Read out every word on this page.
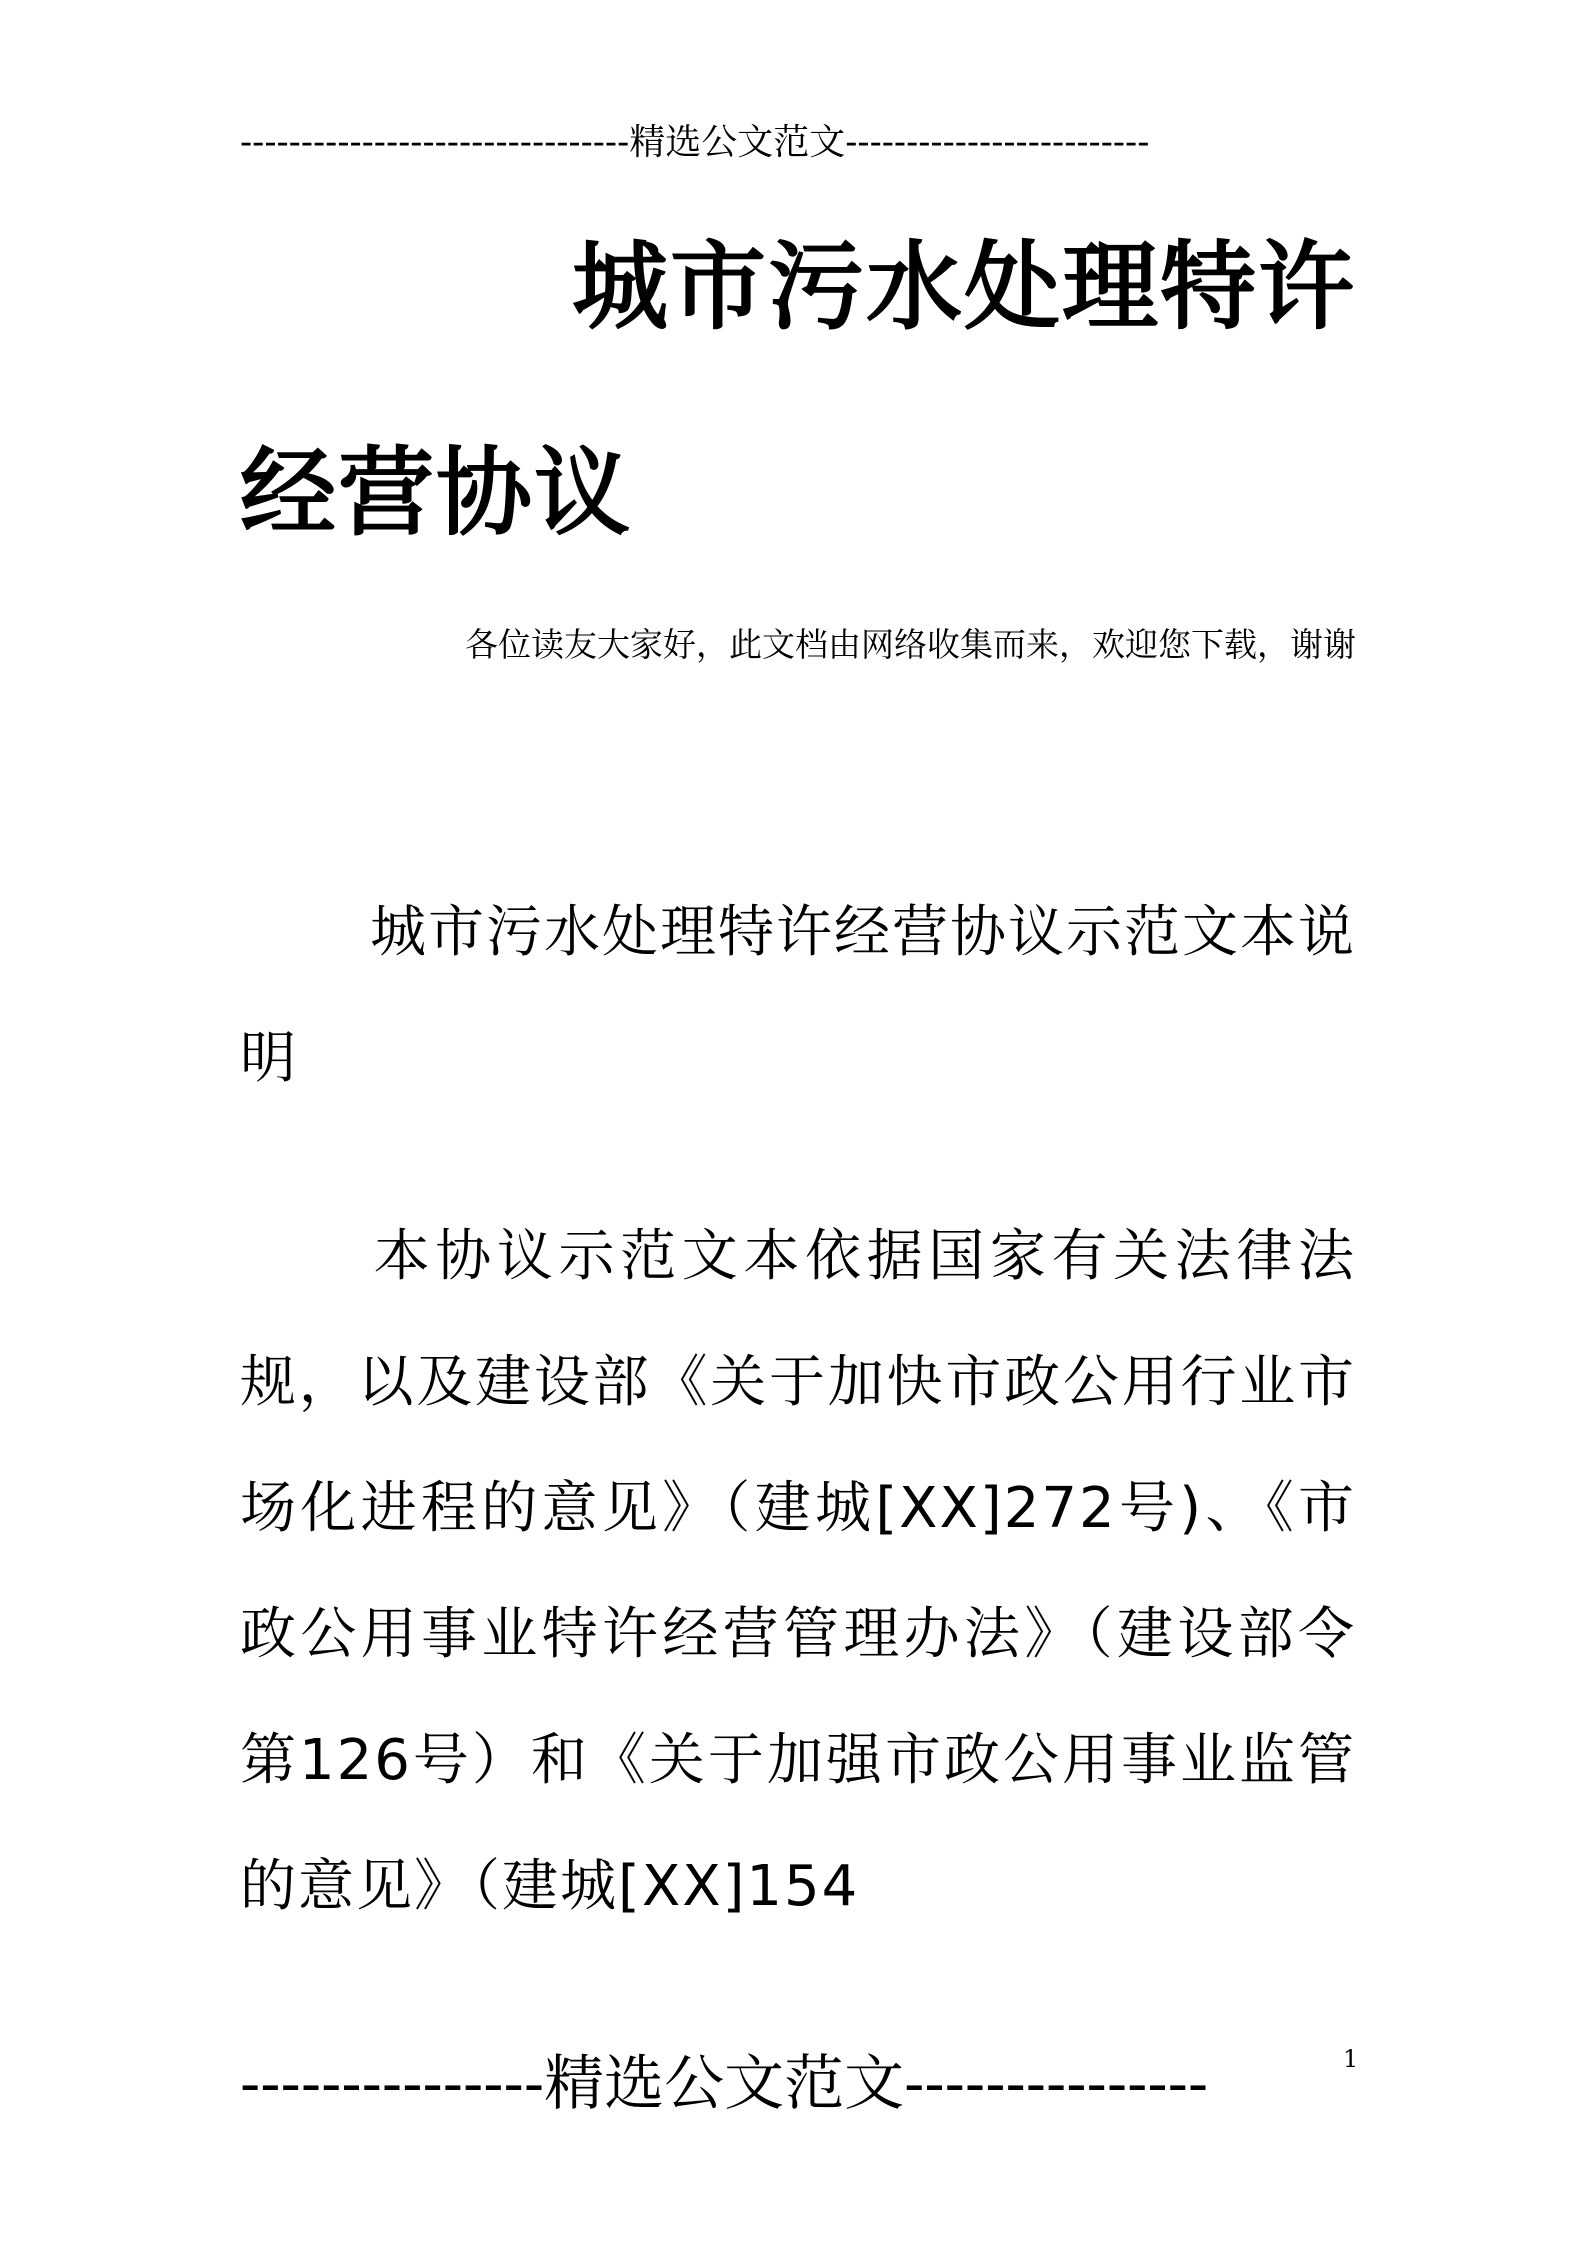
--------------------------------精选公文范文-------------------------
城市污水处理特许
经营协议
各位读友大家好，此文档由网络收集而来，欢迎您下载，谢谢
城市污水处理特许经营协议示范文本说明
本协议示范文本依据国家有关法律法规，以及建设部《关于加快市政公用行业市场化进程的意见》（建城[XX]272号)、《市政公用事业特许经营管理办法》（建设部令第126号）和《关于加强市政公用事业监管的意见》（建城[XX]154
---------------精选公文范文---------------	1
